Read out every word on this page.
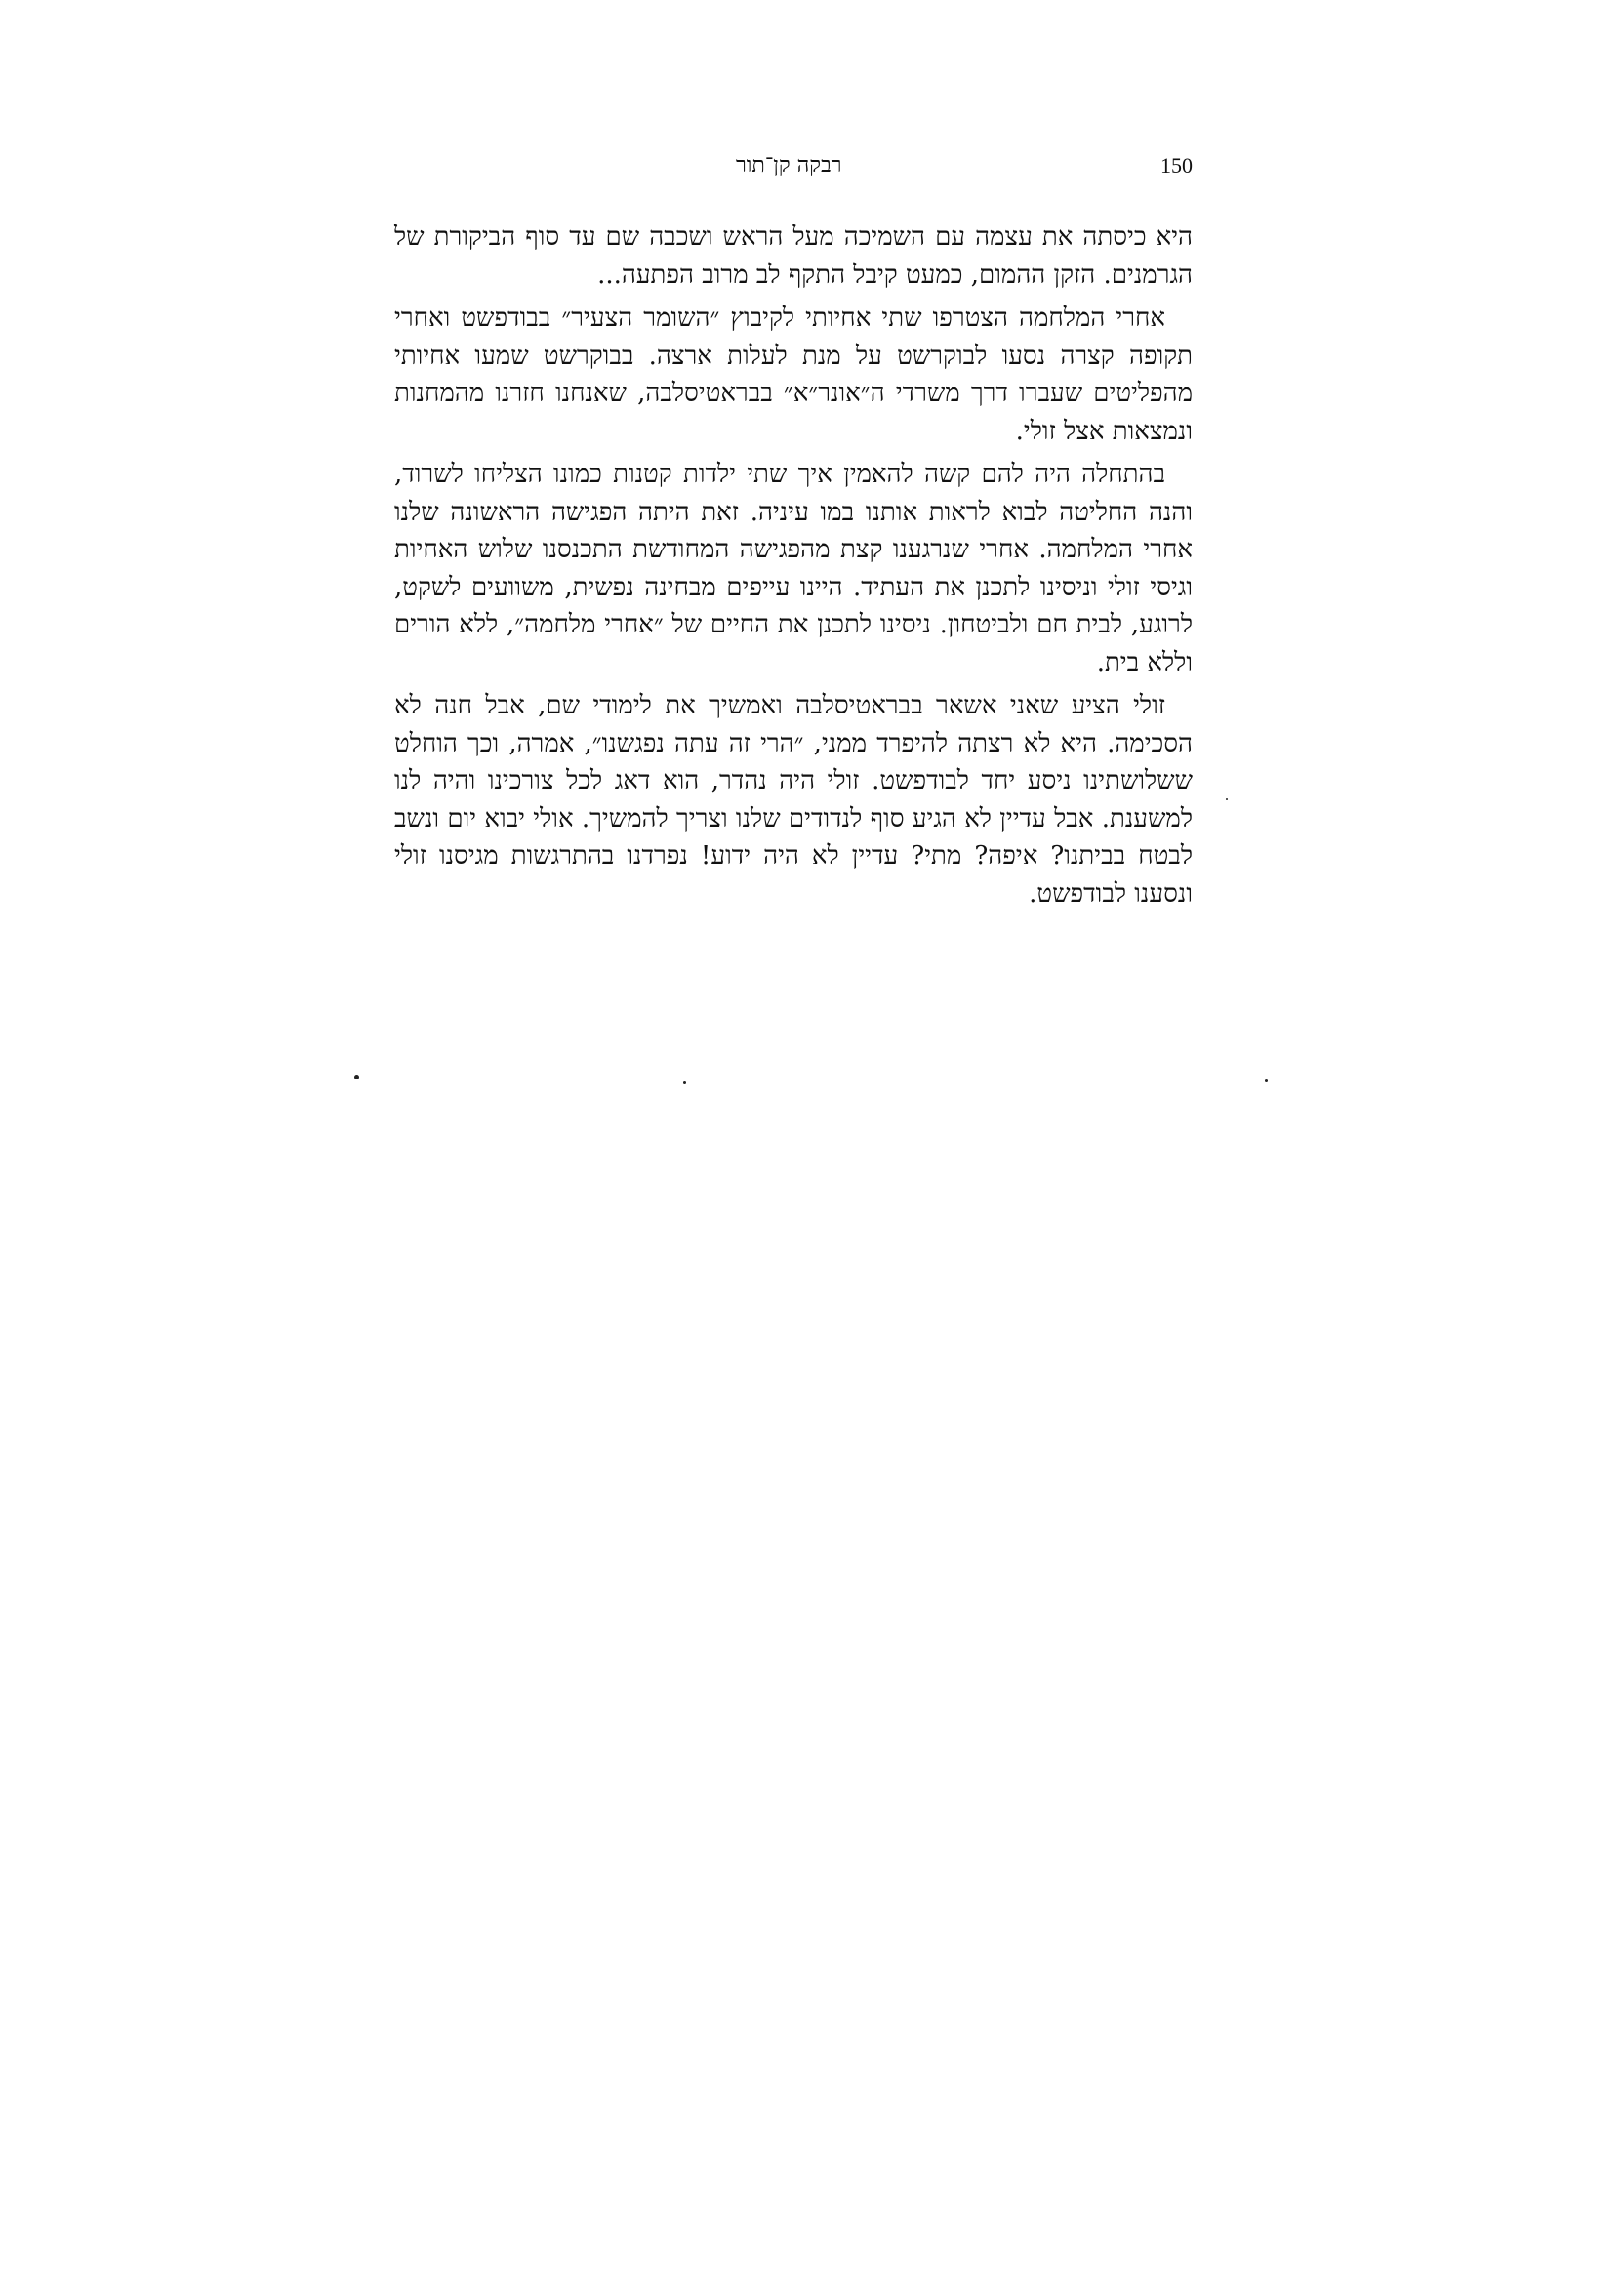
150
רבקה קן־תור

היא כיסתה את עצמה עם השמיכה מעל הראש ושכבה שם עד סוף הביקורת של הגרמנים. הזקן ההמום, כמעט קיבל התקף לב מרוב הפתעה...

אחרי המלחמה הצטרפו שתי אחיותי לקיבוץ ״השומר הצעיר״ בבודפשט ואחרי תקופה קצרה נסעו לבוקרשט על מנת לעלות ארצה. בבוקרשט שמעו אחיותי מהפליטים שעברו דרך משרדי ה״אונר״א״ בבראטיסלבה, שאנחנו חזרנו מהמחנות ונמצאות אצל זולי.

בהתחלה היה להם קשה להאמין איך שתי ילדות קטנות כמונו הצליחו לשרוד, והנה החליטה לבוא לראות אותנו במו עיניה. זאת היתה הפגישה הראשונה שלנו אחרי המלחמה. אחרי שנרגענו קצת מהפגישה המחודשת התכנסנו שלוש האחיות וגיסי זולי וניסינו לתכנן את העתיד. היינו עייפים מבחינה נפשית, משוועים לשקט, לרוגע, לבית חם ולביטחון. ניסינו לתכנן את החיים של ״אחרי מלחמה״, ללא הורים וללא בית.

זולי הציע שאני אשאר בבראטיסלבה ואמשיך את לימודי שם, אבל חנה לא הסכימה. היא לא רצתה להיפרד ממני, ״הרי זה עתה נפגשנו״, אמרה, וכך הוחלט ששלושתינו ניסע יחד לבודפשט. זולי היה נהדר, הוא דאג לכל צורכינו והיה לנו למשענת. אבל עדיין לא הגיע סוף לנדודים שלנו וצריך להמשיך. אולי יבוא יום ונשב לבטח בביתנו? איפה? מתי? עדיין לא היה ידוע! נפרדנו בהתרגשות מגיסנו זולי ונסענו לבודפשט.
